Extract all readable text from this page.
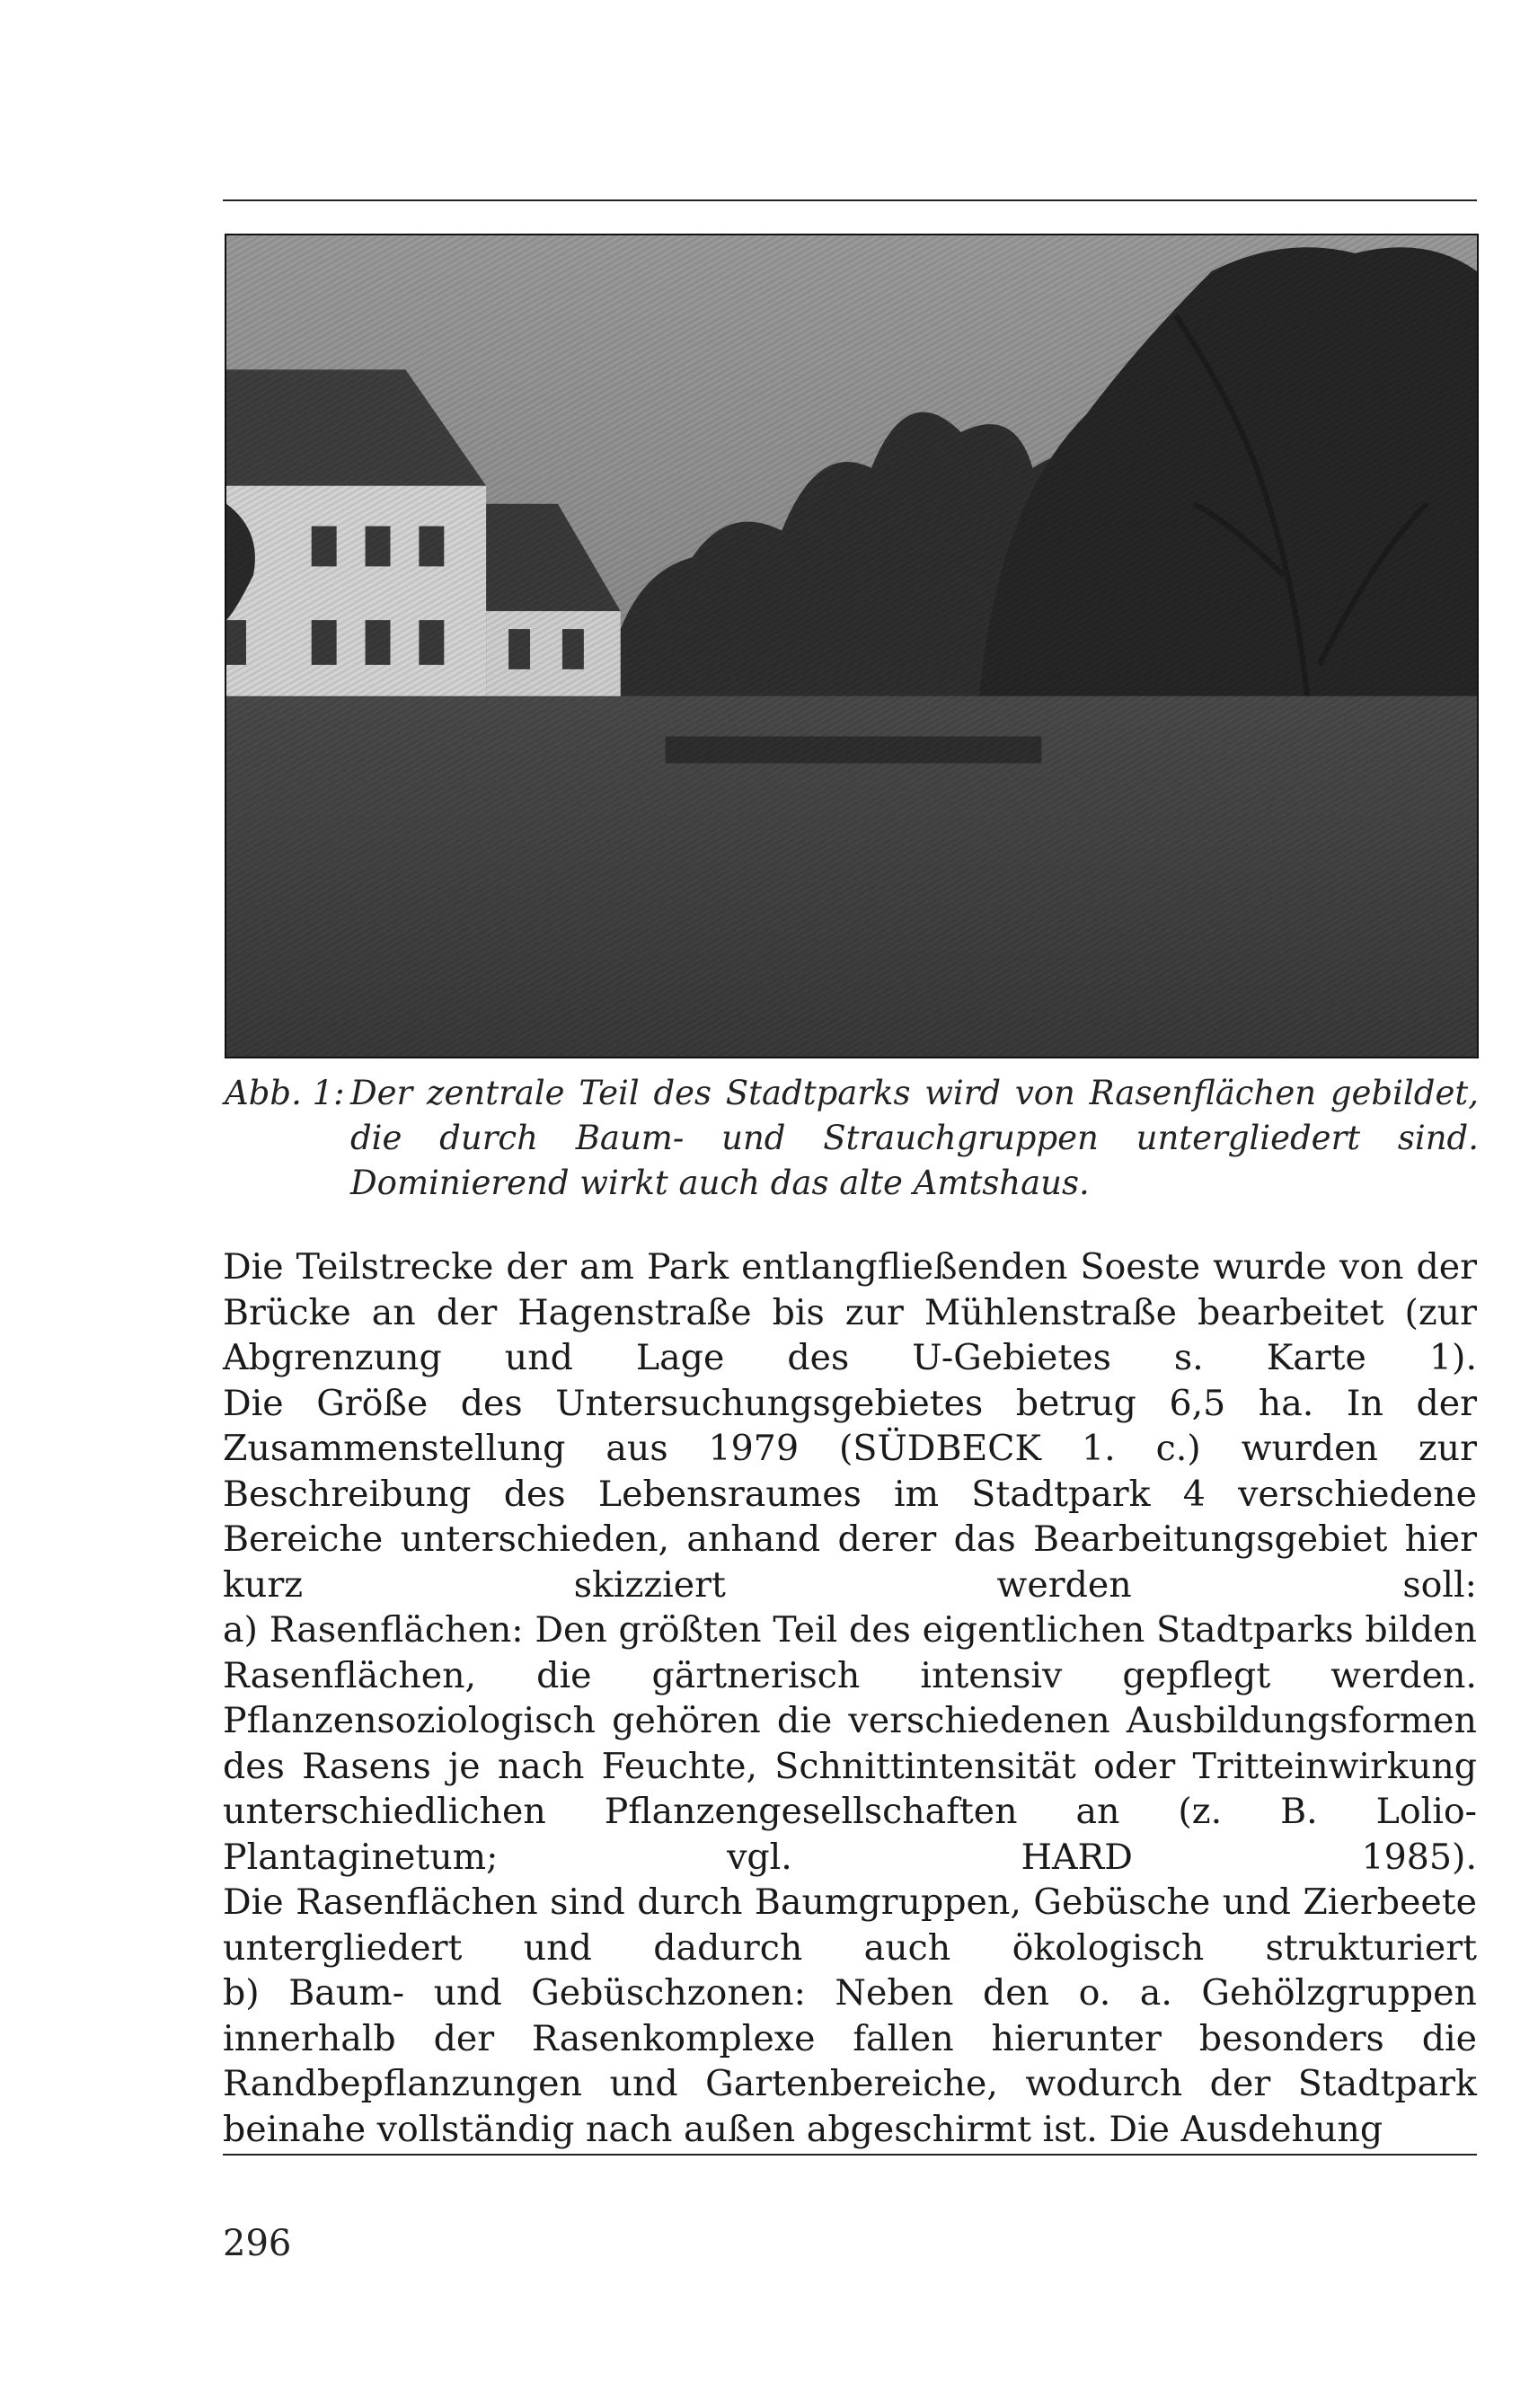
Abb. 1: Der zentrale Teil des Stadtparks wird von Rasenflächen gebildet, die durch Baum- und Strauchgruppen untergliedert sind. Dominierend wirkt auch das alte Amtshaus.

Die Teilstrecke der am Park entlangfließenden Soeste wurde von der Brücke an der Hagenstraße bis zur Mühlenstraße bearbeitet (zur Abgrenzung und Lage des U-Gebietes s. Karte 1).

Die Größe des Untersuchungsgebietes betrug 6,5 ha. In der Zusammenstellung aus 1979 (SÜDBECK 1. c.) wurden zur Beschreibung des Lebensraumes im Stadtpark 4 verschiedene Bereiche unterschieden, anhand derer das Bearbeitungsgebiet hier kurz skizziert werden soll:

a) Rasenflächen: Den größten Teil des eigentlichen Stadtparks bilden Rasenflächen, die gärtnerisch intensiv gepflegt werden. Pflanzensoziologisch gehören die verschiedenen Ausbildungsformen des Rasens je nach Feuchte, Schnittintensität oder Tritteinwirkung unterschiedlichen Pflanzengesellschaften an (z. B. Lolio-Plantaginetum; vgl. HARD 1985).

Die Rasenflächen sind durch Baumgruppen, Gebüsche und Zierbeete untergliedert und dadurch auch ökologisch strukturiert

b) Baum- und Gebüschzonen: Neben den o. a. Gehölzgruppen innerhalb der Rasenkomplexe fallen hierunter besonders die Randbepflanzungen und Gartenbereiche, wodurch der Stadtpark beinahe vollständig nach außen abgeschirmt ist. Die Ausdehung

296
